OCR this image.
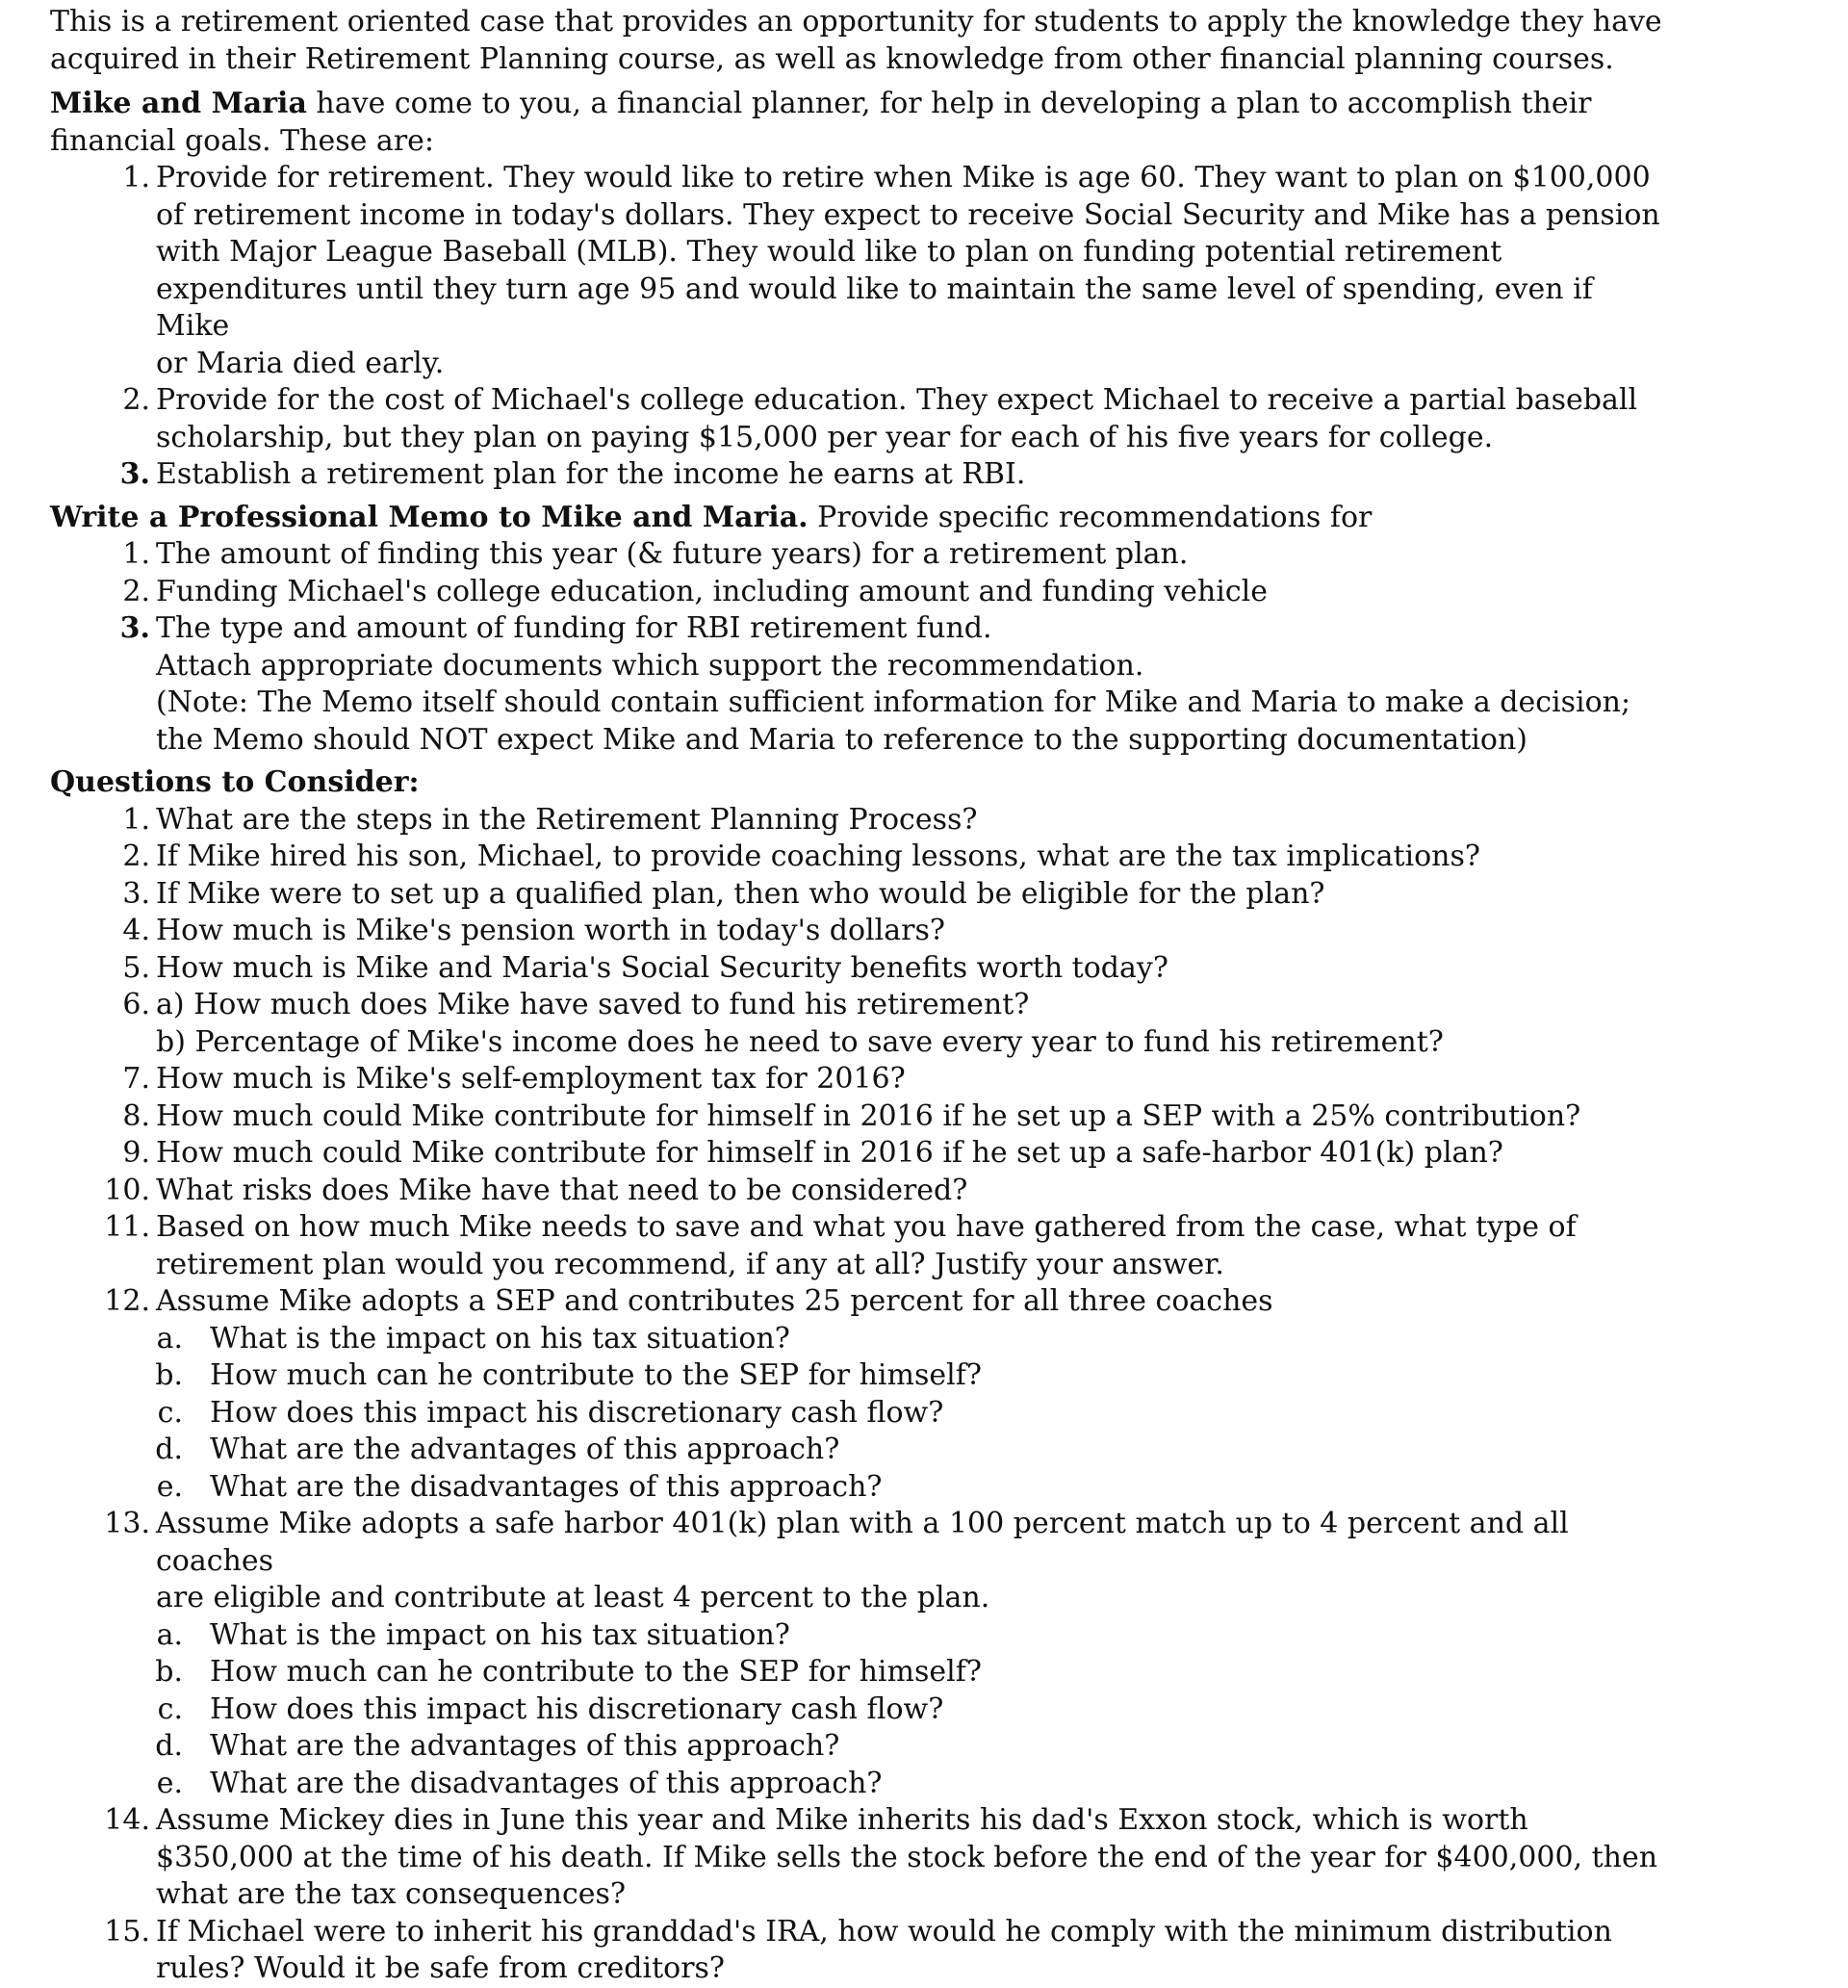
This is a retirement oriented case that provides an opportunity for students to apply the knowledge they have

acquired in their Retirement Planning course, as well as knowledge from other financial planning courses.

Mike and Maria have come to you, a financial planner, for help in developing a plan to accomplish their

financial goals. These are:

1. Provide for retirement. They would like to retire when Mike is age 60. They want to plan on $100,000

of retirement income in today's dollars. They expect to receive Social Security and Mike has a pension

with Major League Baseball (MLB). They would like to plan on funding potential retirement

expenditures until they turn age 95 and would like to maintain the same level of spending, even if Mike

or Maria died early.

2. Provide for the cost of Michael's college education. They expect Michael to receive a partial baseball

scholarship, but they plan on paying $15,000 per year for each of his five years for college.

3. Establish a retirement plan for the income he earns at RBI.

Write a Professional Memo to Mike and Maria. Provide specific recommendations for

1. The amount of finding this year (& future years) for a retirement plan.
2. Funding Michael's college education, including amount and funding vehicle
3. The type and amount of funding for RBI retirement fund.

Attach appropriate documents which support the recommendation.

(Note: The Memo itself should contain sufficient information for Mike and Maria to make a decision;

the Memo should NOT expect Mike and Maria to reference to the supporting documentation)

Questions to Consider:

1. What are the steps in the Retirement Planning Process?
2. If Mike hired his son, Michael, to provide coaching lessons, what are the tax implications?
3. If Mike were to set up a qualified plan, then who would be eligible for the plan?
4. How much is Mike's pension worth in today's dollars?
5. How much is Mike and Maria's Social Security benefits worth today?
6. a) How much does Mike have saved to fund his retirement?

b) Percentage of Mike's income does he need to save every year to fund his retirement?

7. How much is Mike's self-employment tax for 2016?
8. How much could Mike contribute for himself in 2016 if he set up a SEP with a 25% contribution?
9. How much could Mike contribute for himself in 2016 if he set up a safe-harbor 401(k) plan?
10. What risks does Mike have that need to be considered?
11. Based on how much Mike needs to save and what you have gathered from the case, what type of

retirement plan would you recommend, if any at all? Justify your answer.

12. Assume Mike adopts a SEP and contributes 25 percent for all three coaches
a. What is the impact on his tax situation?
b. How much can he contribute to the SEP for himself?
c. How does this impact his discretionary cash flow?
d. What are the advantages of this approach?
e. What are the disadvantages of this approach?
13. Assume Mike adopts a safe harbor 401(k) plan with a 100 percent match up to 4 percent and all coaches

are eligible and contribute at least 4 percent to the plan.

a. What is the impact on his tax situation?
b. How much can he contribute to the SEP for himself?
c. How does this impact his discretionary cash flow?
d. What are the advantages of this approach?
e. What are the disadvantages of this approach?
14. Assume Mickey dies in June this year and Mike inherits his dad's Exxon stock, which is worth

$350,000 at the time of his death. If Mike sells the stock before the end of the year for $400,000, then

what are the tax consequences?

15. If Michael were to inherit his granddad's IRA, how would he comply with the minimum distribution

rules? Would it be safe from creditors?
